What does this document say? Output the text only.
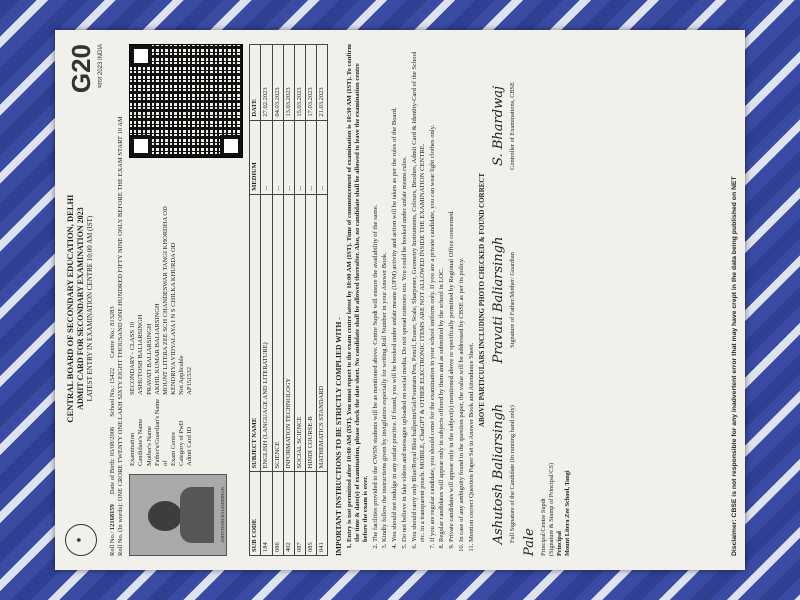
✺
CENTRAL BOARD OF SECONDARY EDUCATION, DELHI ADMIT CARD FOR SECONDARY EXAMINATION 2023 LATEST ENTRY IN EXAMINATION CENTRE 10:00 AM (IST)
G20 भारत 2023 INDIA
Roll No.: 12168159
Date of Birth: 03/08/2006
School No.: 15422
Centre No.: 813283
Roll No. (In words): ONE CRORE TWENTY ONE LAKH SIXTY EIGHT THOUSAND ONE HUNDRED FIFTY NINE ONLY BEFORE THE EXAM START 10 AM
ASHUTOSH BALIARSINGH
Examination	SECONDARY - CLASS 10
Candidate's Name	ASHUTOSH BALIARSINGH
Mother's Name	PRAVATI BALIARSINGH
Father's/Guardian's Name	AKHIL KUMAR BALIARSINGH
of	MOUNT LITERA ZEE SCH CHANDESWAR TANGI KHORDHA OD
Exam Centre	KENDRIYA VIDYALAYA I N S CHILKA KHURDA OD
Category of PwD	Not Applicable
Admit Card ID	AP151532
SUB CODE	SUBJECT NAME	MEDIUM	DATE
184	ENGLISH (LANGUAGE AND LITERATURE)	...	27.02.2023
086	SCIENCE	...	04.03.2023
402	INFORMATION TECHNOLOGY	...	13.03.2023
087	SOCIAL SCIENCE	...	15.03.2023
085	HINDI COURSE-B	...	17.03.2023
041	MATHEMATICS STANDARD	...	21.03.2023
IMPORTANT INSTRUCTIONS TO BE STRICTLY COMPLIED WITH - 1. Entry is not permitted after 10:00 AM (IST). You must report to the exam centre latest by 10:00 AM (IST). Time of commencement of examination is 10:30 AM (IST). To confirm the time & date(s) of examination, please check the date sheet. No candidate shall be allowed thereafter. Also, no candidate shall be allowed to leave the examination centre before the exam is over. 2. The facilities provided to the CWSN students will be as mentioned above. Centre Supdt will ensure the availability of the same. 3. Kindly follow the instructions given by invigilators especially for writing Roll Number in your Answer Book. 4. You should not indulge in any unfair practice. If found, you will be booked under unfair means (UFM) activity and action will be taken as per the rules of the Board. 5. Do not believe in fake videos and messages uploaded on social media. Do not spread rumours too. You could be booked under unfair means rules. 6. You should carry only Blue/Royal Blue ballpoint/Gel/Fountain Pen, Pencil, Eraser, Scale, Sharpener, Geometry Instruments, Colours, Brushes, Admit Card & Identity-Card of the School etc. in a transparent pouch. MOBILE, ChatGPT & OTHER ELECTRONIC ITEMS ARE NOT ALLOWED INSIDE THE EXAMINATION CENTRE. 7. If you are regular candidate, you should come for the examination in your school uniform only. If you are a private candidate, you can wear light clothes only. 8. Regular candidates will appear only in subjects offered by them and as submitted by the school in LOC. 9. Private candidates will appear only in the subject(s) mentioned above or specifically permitted by Regional Office concerned. 10. In case of any ambiguity found in the question paper, the value will be addressed by CBSE as per its policy. 11. Mention correct Question Paper Set in Answer Book and Attendance Sheet.
ABOVE PARTICULARS INCLUDING PHOTO CHECKED & FOUND CORRECT
Ashutosh Baliarsingh Full Signature of the Candidate (In running hand only)
Pravati Baliarsingh Signature of Father/Mother/ Guardian
S. Bhardwaj Controller of Examinations, CBSE
Pale Principal/Centre Supdt (Signature & Stamp of Principal/CS) Principal Mount Litera Zee School, Tangi	Disclaimer: CBSE is not responsible for any inadvertent error that may have crept in the data being published on NET
